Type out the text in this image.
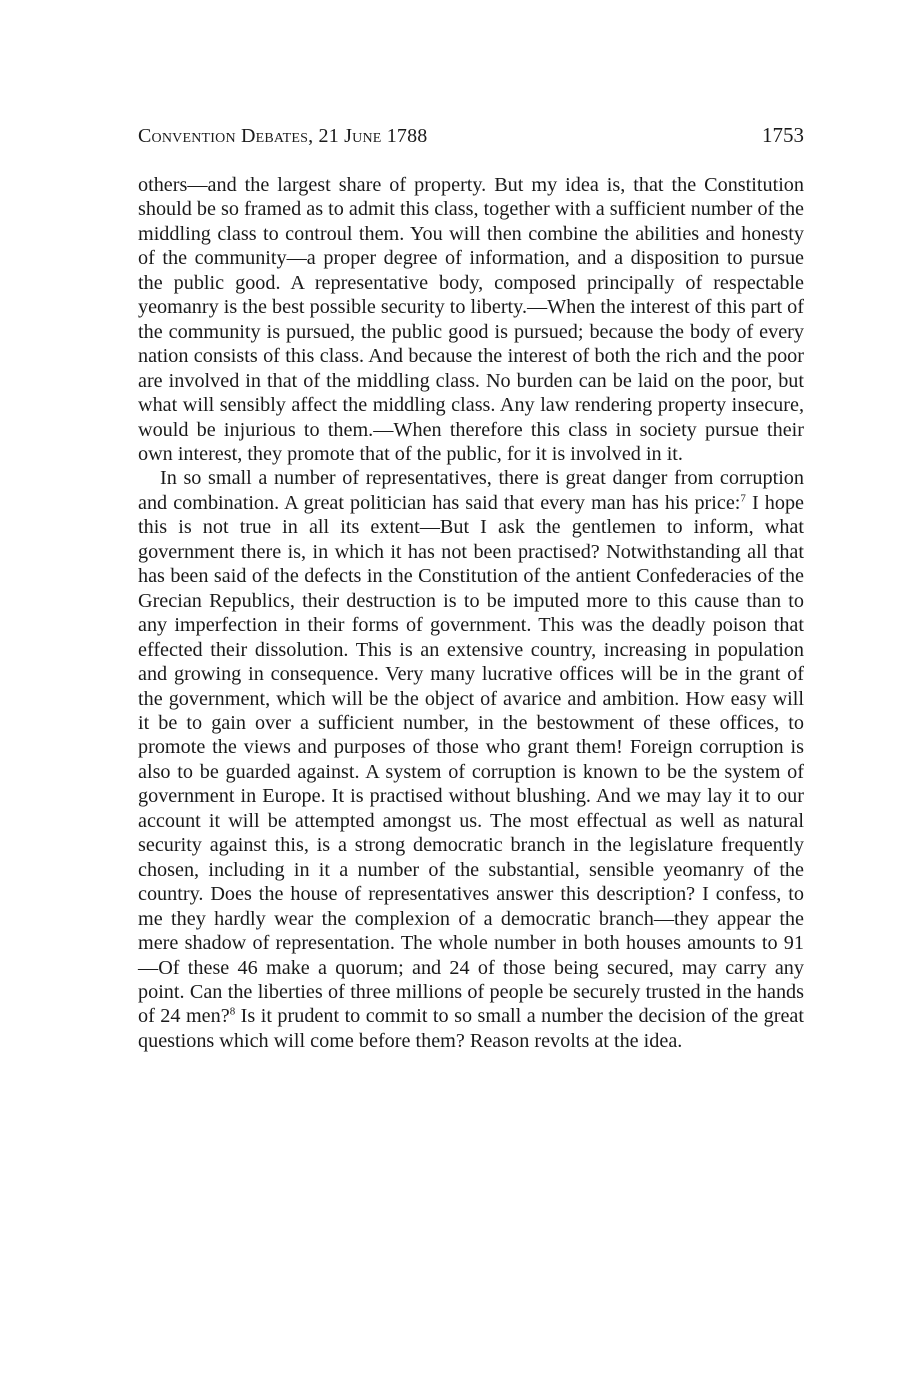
Convention Debates, 21 June 1788	1753

others—and the largest share of property. But my idea is, that the Constitution should be so framed as to admit this class, together with a sufficient number of the middling class to controul them. You will then combine the abilities and honesty of the community—a proper degree of information, and a disposition to pursue the public good. A representative body, composed principally of respectable yeomanry is the best possible security to liberty.—When the interest of this part of the community is pursued, the public good is pursued; because the body of every nation consists of this class. And because the interest of both the rich and the poor are involved in that of the middling class. No burden can be laid on the poor, but what will sensibly affect the middling class. Any law rendering property insecure, would be injurious to them.—When therefore this class in society pursue their own interest, they promote that of the public, for it is involved in it.

In so small a number of representatives, there is great danger from corruption and combination. A great politician has said that every man has his price:$^7$ I hope this is not true in all its extent—But I ask the gentlemen to inform, what government there is, in which it has not been practised? Notwithstanding all that has been said of the defects in the Constitution of the antient Confederacies of the Grecian Republics, their destruction is to be imputed more to this cause than to any imperfection in their forms of government. This was the deadly poison that effected their dissolution. This is an extensive country, increasing in population and growing in consequence. Very many lucrative offices will be in the grant of the government, which will be the object of avarice and ambition. How easy will it be to gain over a sufficient number, in the bestowment of these offices, to promote the views and purposes of those who grant them! Foreign corruption is also to be guarded against. A system of corruption is known to be the system of government in Europe. It is practised without blushing. And we may lay it to our account it will be attempted amongst us. The most effectual as well as natural security against this, is a strong democratic branch in the legislature frequently chosen, including in it a number of the substantial, sensible yeomanry of the country. Does the house of representatives answer this description? I confess, to me they hardly wear the complexion of a democratic branch—they appear the mere shadow of representation. The whole number in both houses amounts to 91—Of these 46 make a quorum; and 24 of those being secured, may carry any point. Can the liberties of three millions of people be securely trusted in the hands of 24 men?$^8$ Is it prudent to commit to so small a number the decision of the great questions which will come before them? Reason revolts at the idea.
